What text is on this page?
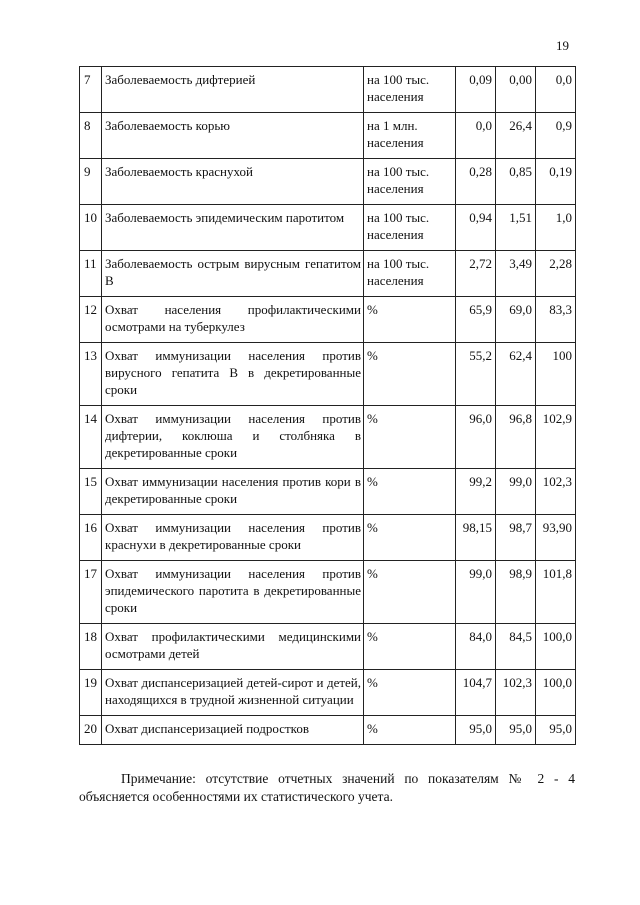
19
7	Заболеваемость дифтерией	на 100 тыс. населения	0,09	0,00	0,0
8	Заболеваемость корью	на 1 млн. населения	0,0	26,4	0,9
9	Заболеваемость краснухой	на 100 тыс. населения	0,28	0,85	0,19
10	Заболеваемость эпидемическим паротитом	на 100 тыс. населения	0,94	1,51	1,0
11	Заболеваемость острым вирусным гепатитом В	на 100 тыс. населения	2,72	3,49	2,28
12	Охват населения профилактическими осмотрами на туберкулез	%	65,9	69,0	83,3
13	Охват иммунизации населения против вирусного гепатита В в декретированные сроки	%	55,2	62,4	100
14	Охват иммунизации населения против дифтерии, коклюша и столбняка в декретированные сроки	%	96,0	96,8	102,9
15	Охват иммунизации населения против кори в декретированные сроки	%	99,2	99,0	102,3
16	Охват иммунизации населения против краснухи в декретированные сроки	%	98,15	98,7	93,90
17	Охват иммунизации населения против эпидемического паротита в декретированные сроки	%	99,0	98,9	101,8
18	Охват профилактическими медицинскими осмотрами детей	%	84,0	84,5	100,0
19	Охват диспансеризацией детей-сирот и детей, находящихся в трудной жизненной ситуации	%	104,7	102,3	100,0
20	Охват диспансеризацией подростков	%	95,0	95,0	95,0
Примечание: отсутствие отчетных значений по показателям № 2 - 4 объясняется особенностями их статистического учета.
